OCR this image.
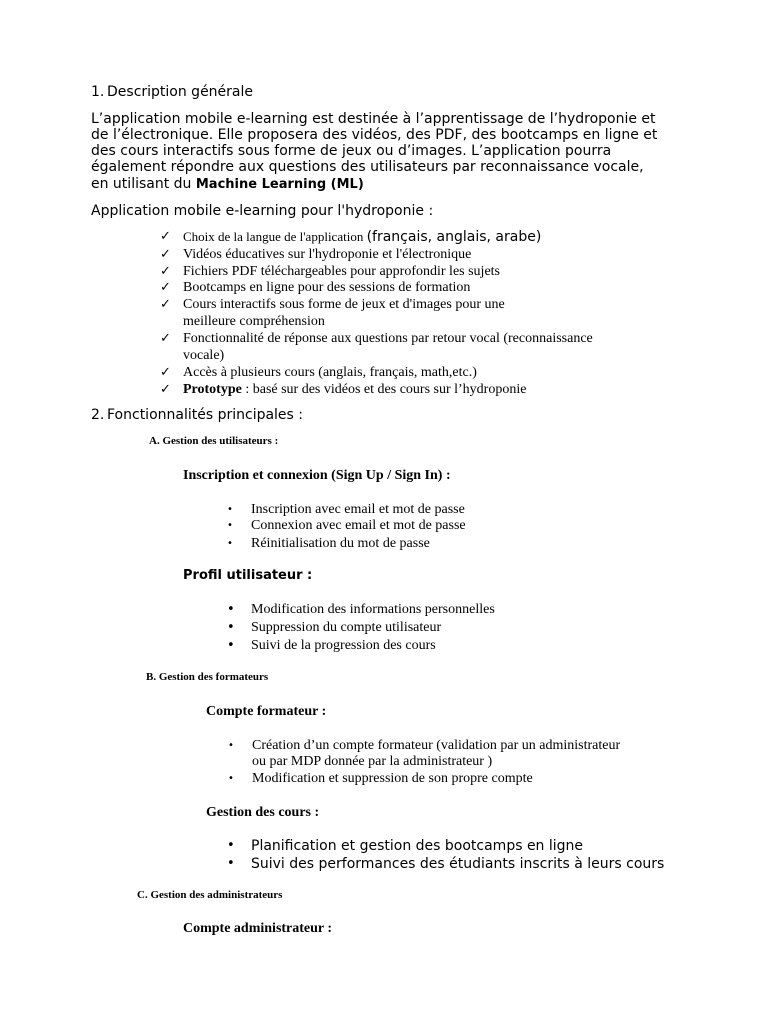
1. Description générale
L’application mobile e-learning est destinée à l’apprentissage de l’hydroponie et
de l’électronique. Elle proposera des vidéos, des PDF, des bootcamps en ligne et
des cours interactifs sous forme de jeux ou d’images. L’application pourra
également répondre aux questions des utilisateurs par reconnaissance vocale,
en utilisant du Machine Learning (ML)
Application mobile e-learning pour l'hydroponie :
✓ Choix de la langue de l'application (français, anglais, arabe)
✓ Vidéos éducatives sur l'hydroponie et l'électronique
✓ Fichiers PDF téléchargeables pour approfondir les sujets
✓ Bootcamps en ligne pour des sessions de formation
✓ Cours interactifs sous forme de jeux et d'images pour une
meilleure compréhension
✓ Fonctionnalité de réponse aux questions par retour vocal (reconnaissance
vocale)
✓ Accès à plusieurs cours (anglais, français, math,etc.)
✓ Prototype : basé sur des vidéos et des cours sur l’hydroponie
2. Fonctionnalités principales :
A. Gestion des utilisateurs :
Inscription et connexion (Sign Up / Sign In) :
• Inscription avec email et mot de passe
• Connexion avec email et mot de passe
• Réinitialisation du mot de passe
Profil utilisateur :
• Modification des informations personnelles
• Suppression du compte utilisateur
• Suivi de la progression des cours
B. Gestion des formateurs
Compte formateur :
• Création d’un compte formateur (validation par un administrateur
ou par MDP donnée par la administrateur )
• Modification et suppression de son propre compte
Gestion des cours :
• Planification et gestion des bootcamps en ligne
• Suivi des performances des étudiants inscrits à leurs cours
C. Gestion des administrateurs
Compte administrateur :
